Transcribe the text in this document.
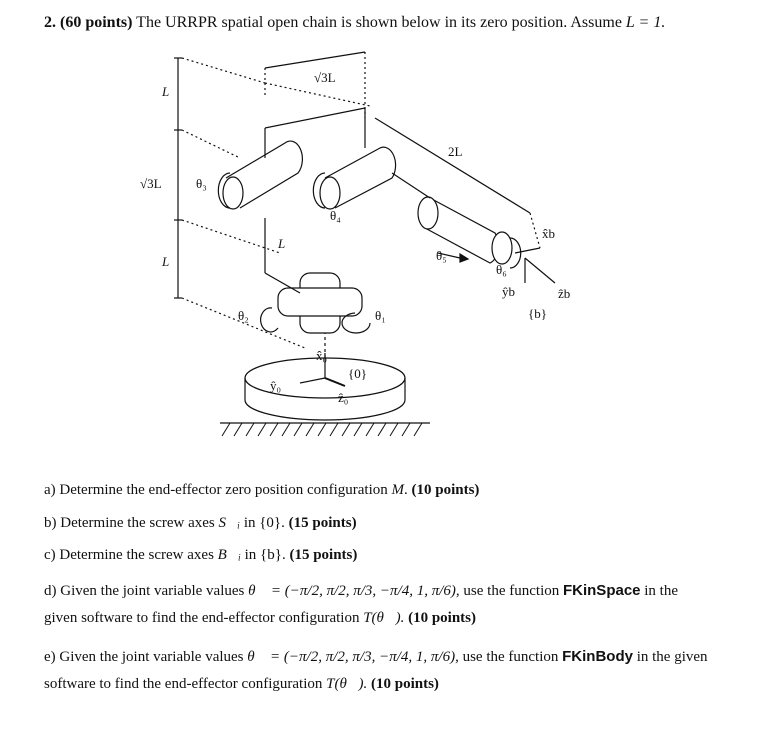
2. (60 points) The URRPR spatial open chain is shown below in its zero position. Assume L = 1.
L
√3L
L
√3L
2L
L
θ₁
θ₂
θ₃
θ₄
θ₅
θ₆
x̂₀
ŷ₀
ẑ₀
{0}
x̂b
ŷb	ẑb
{b}
a) Determine the end-effector zero position configuration M. (10 points)
b) Determine the screw axes S⃗ᵢ in {0}. (15 points)
c) Determine the screw axes B⃗ᵢ in {b}. (15 points)
d) Given the joint variable values θ⃗ = (−π/2, π/2, π/3, −π/4, 1, π/6), use the function FKinSpace in the
given software to find the end-effector configuration T(θ⃗). (10 points)
e) Given the joint variable values θ⃗ = (−π/2, π/2, π/3, −π/4, 1, π/6), use the function FKinBody in the given
software to find the end-effector configuration T(θ⃗). (10 points)
